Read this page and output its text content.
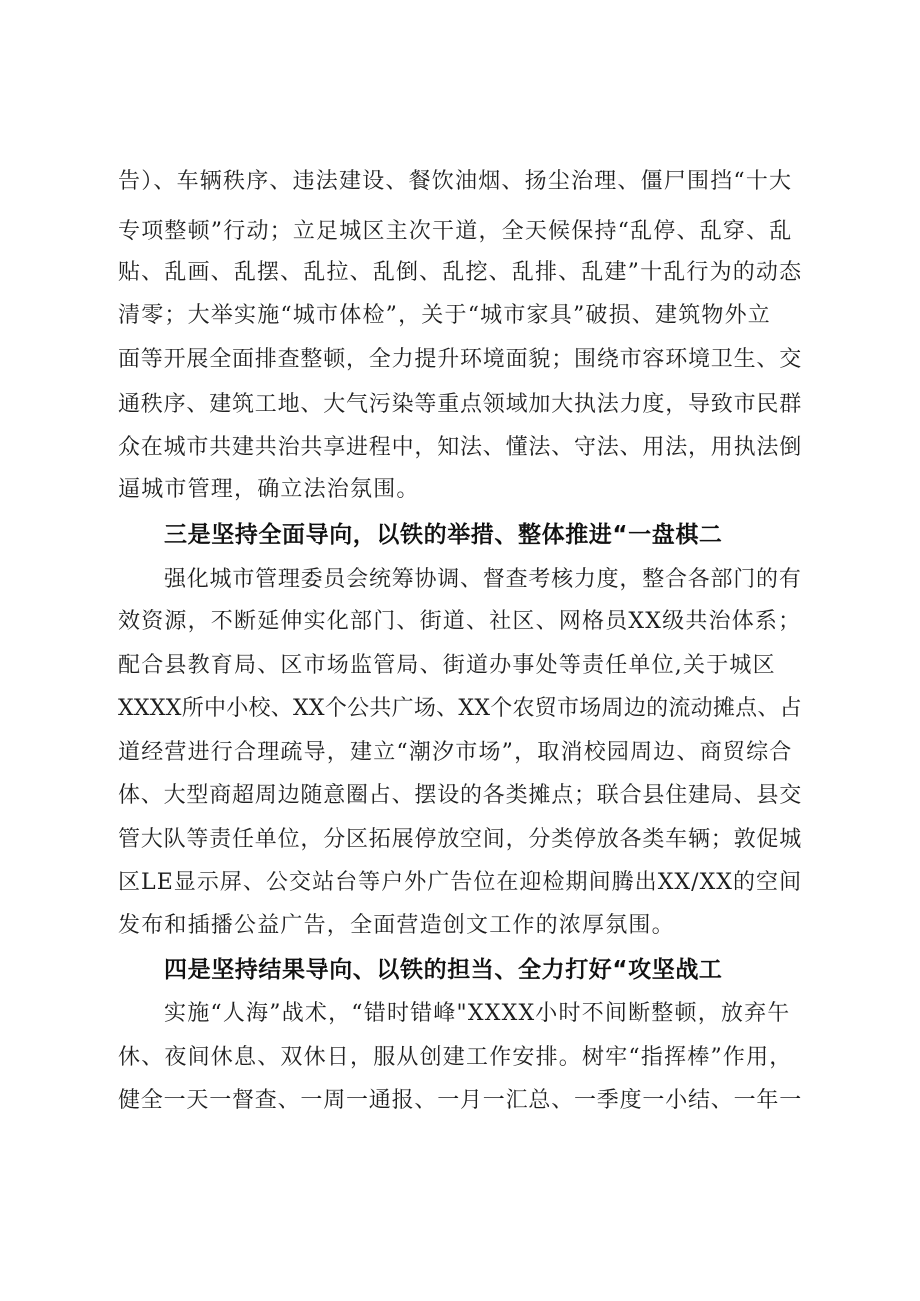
告）、车辆秩序、违法建设、餐饮油烟、扬尘治理、僵尸围挡“十大

专项整顿”行动；立足城区主次干道，全天候保持“乱停、乱穿、乱

贴、乱画、乱摆、乱拉、乱倒、乱挖、乱排、乱建”十乱行为的动态

清零；大举实施“城市体检”，关于“城市家具”破损、建筑物外立

面等开展全面排查整顿，全力提升环境面貌；围绕市容环境卫生、交

通秩序、建筑工地、大气污染等重点领域加大执法力度，导致市民群

众在城市共建共治共享进程中，知法、懂法、守法、用法，用执法倒

逼城市管理，确立法治氛围。

三是坚持全面导向，以铁的举措、整体推进“一盘棋二

强化城市管理委员会统筹协调、督查考核力度，整合各部门的有

效资源，不断延伸实化部门、街道、社区、网格员XX级共治体系；

配合县教育局、区市场监管局、街道办事处等责任单位,关于城区

XXXX所中小校、XX个公共广场、XX个农贸市场周边的流动摊点、占

道经营进行合理疏导，建立“潮汐市场”，取消校园周边、商贸综合

体、大型商超周边随意圈占、摆设的各类摊点；联合县住建局、县交

管大队等责任单位，分区拓展停放空间，分类停放各类车辆；敦促城

区LE显示屏、公交站台等户外广告位在迎检期间腾出XX/XX的空间

发布和插播公益广告，全面营造创文工作的浓厚氛围。

四是坚持结果导向、以铁的担当、全力打好“攻坚战工

实施“人海”战术，“错时错峰"XXXX小时不间断整顿，放弃午

休、夜间休息、双休日，服从创建工作安排。树牢“指挥棒”作用，

健全一天一督查、一周一通报、一月一汇总、一季度一小结、一年一
